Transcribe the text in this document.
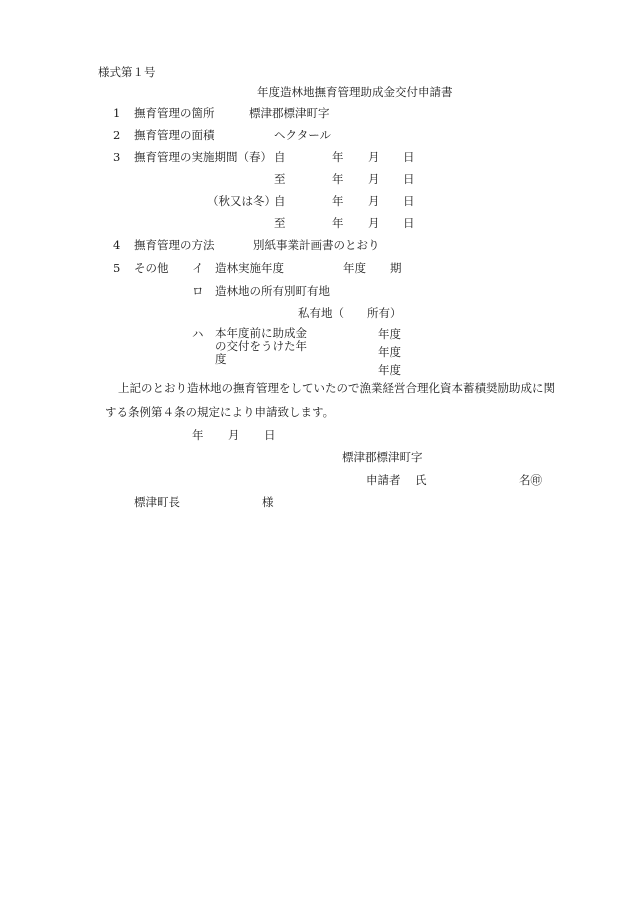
様式第１号
年度造林地撫育管理助成金交付申請書
1 撫育管理の箇所	標津郡標津町字
2 撫育管理の面積	ヘクタール
3 撫育管理の実施期間（春） 自	年 月 日
至	年 月 日
（秋又は冬）
自	年 月 日
至	年 月 日
4 撫育管理の方法	別紙事業計画書のとおり
5 その他 イ 造林実施年度	年度 期
ロ 造林地の所有別町有地
私有地（　　所有）
ハ 本年度前に助成金の交付をうけた年度
年度
年度
年度
上記のとおり造林地の撫育管理をしていたので漁業経営合理化資本蓄積奨励助成に関
する条例第４条の規定により申請致します。
年 月 日
標津郡標津町字
申請者 氏	名㊞
標津町長	様
